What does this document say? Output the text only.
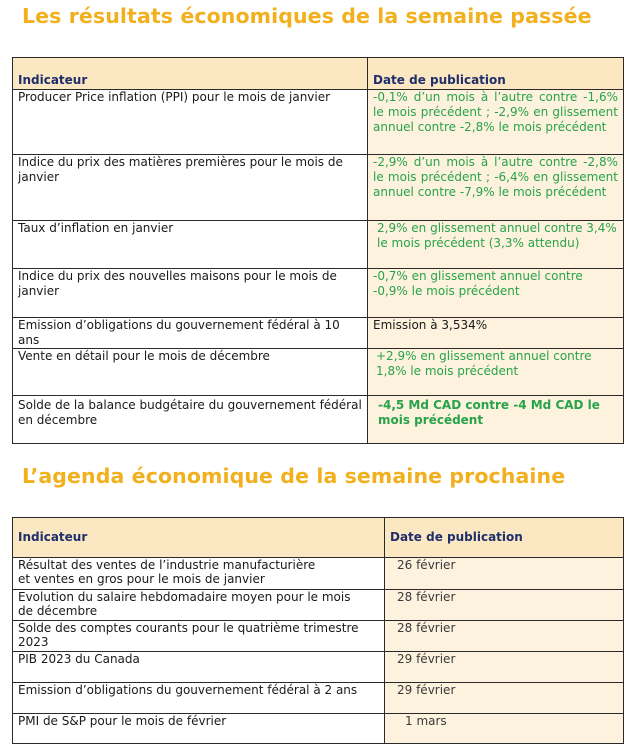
Les résultats économiques de la semaine passée
Indicateur	Date de publication
Producer Price inflation (PPI) pour le mois de janvier	-0,1% d’un mois à l’autre contre -1,6% le mois précédent ; -2,9% en glissement annuel contre -2,8% le mois précédent
Indice du prix des matières premières pour le mois de janvier	-2,9% d’un mois à l’autre contre -2,8% le mois précédent ; -6,4% en glissement annuel contre -7,9% le mois précédent
Taux d’inflation en janvier	2,9% en glissement annuel contre 3,4% le mois précédent (3,3% attendu)
Indice du prix des nouvelles maisons pour le mois de janvier	-0,7% en glissement annuel contre -0,9% le mois précédent
Emission d’obligations du gouvernement fédéral à 10 ans	Emission à 3,534%
Vente en détail pour le mois de décembre	+2,9% en glissement annuel contre 1,8% le mois précédent
Solde de la balance budgétaire du gouvernement fédéral en décembre	-4,5 Md CAD contre -4 Md CAD le mois précédent
L’agenda économique de la semaine prochaine
Indicateur	Date de publication

Résultat des ventes de l’industrie manufacturière
et ventes en gros pour le mois de janvier	26 février

Evolution du salaire hebdomadaire moyen pour le mois
de décembre	28 février

Solde des comptes courants pour le quatrième trimestre
2023	28 février

PIB 2023 du Canada	29 février

Emission d’obligations du gouvernement fédéral à 2 ans	29 février

PMI de S&P pour le mois de février	1 mars
